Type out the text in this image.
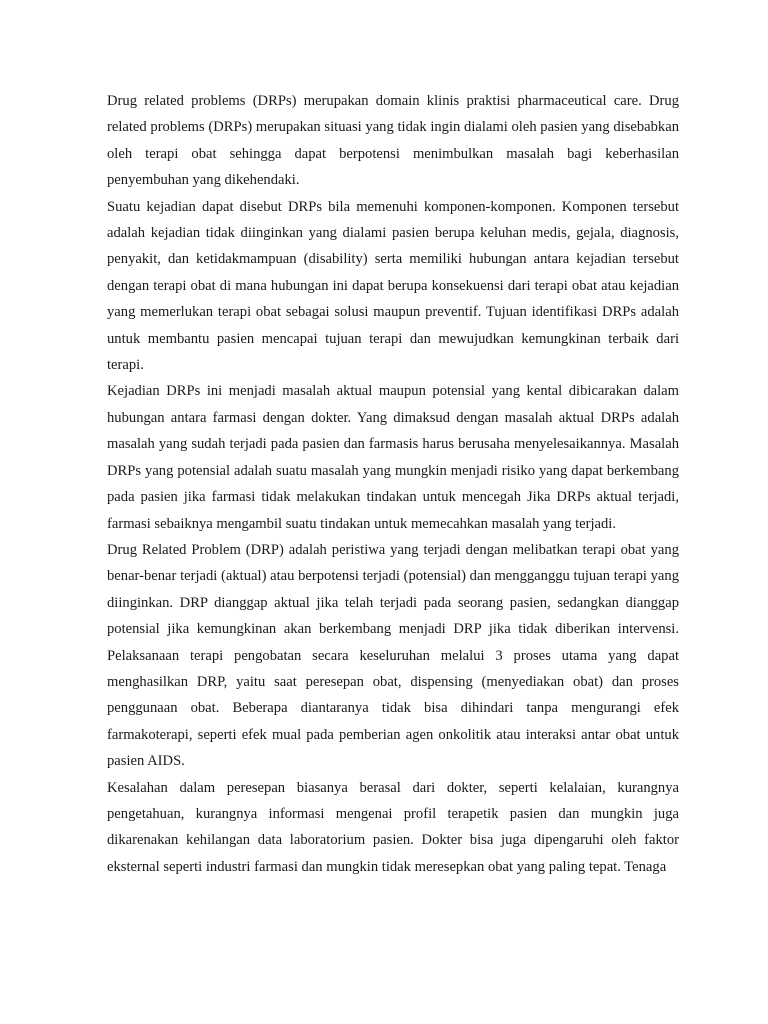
Drug related problems (DRPs) merupakan domain klinis praktisi pharmaceutical care. Drug related problems (DRPs) merupakan situasi yang tidak ingin dialami oleh pasien yang disebabkan oleh terapi obat sehingga dapat berpotensi menimbulkan masalah bagi keberhasilan penyembuhan yang dikehendaki.

Suatu kejadian dapat disebut DRPs bila memenuhi komponen-komponen. Komponen tersebut adalah kejadian tidak diinginkan yang dialami pasien berupa keluhan medis, gejala, diagnosis, penyakit, dan ketidakmampuan (disability) serta memiliki hubungan antara kejadian tersebut dengan terapi obat di mana hubungan ini dapat berupa konsekuensi dari terapi obat atau kejadian yang memerlukan terapi obat sebagai solusi maupun preventif. Tujuan identifikasi DRPs adalah untuk membantu pasien mencapai tujuan terapi dan mewujudkan kemungkinan terbaik dari terapi.

Kejadian DRPs ini menjadi masalah aktual maupun potensial yang kental dibicarakan dalam hubungan antara farmasi dengan dokter. Yang dimaksud dengan masalah aktual DRPs adalah masalah yang sudah terjadi pada pasien dan farmasis harus berusaha menyelesaikannya. Masalah DRPs yang potensial adalah suatu masalah yang mungkin menjadi risiko yang dapat berkembang pada pasien jika farmasi tidak melakukan tindakan untuk mencegah Jika DRPs aktual terjadi, farmasi sebaiknya mengambil suatu tindakan untuk memecahkan masalah yang terjadi.

Drug Related Problem (DRP) adalah peristiwa yang terjadi dengan melibatkan terapi obat yang benar-benar terjadi (aktual) atau berpotensi terjadi (potensial) dan mengganggu tujuan terapi yang diinginkan. DRP dianggap aktual jika telah terjadi pada seorang pasien, sedangkan dianggap potensial jika kemungkinan akan berkembang menjadi DRP jika tidak diberikan intervensi. Pelaksanaan terapi pengobatan secara keseluruhan melalui 3 proses utama yang dapat menghasilkan DRP, yaitu saat peresepan obat, dispensing (menyediakan obat) dan proses penggunaan obat. Beberapa diantaranya tidak bisa dihindari tanpa mengurangi efek farmakoterapi, seperti efek mual pada pemberian agen onkolitik atau interaksi antar obat untuk pasien AIDS.

Kesalahan dalam peresepan biasanya berasal dari dokter, seperti kelalaian, kurangnya pengetahuan, kurangnya informasi mengenai profil terapetik pasien dan mungkin juga dikarenakan kehilangan data laboratorium pasien. Dokter bisa juga dipengaruhi oleh faktor eksternal seperti industri farmasi dan mungkin tidak meresepkan obat yang paling tepat. Tenaga
